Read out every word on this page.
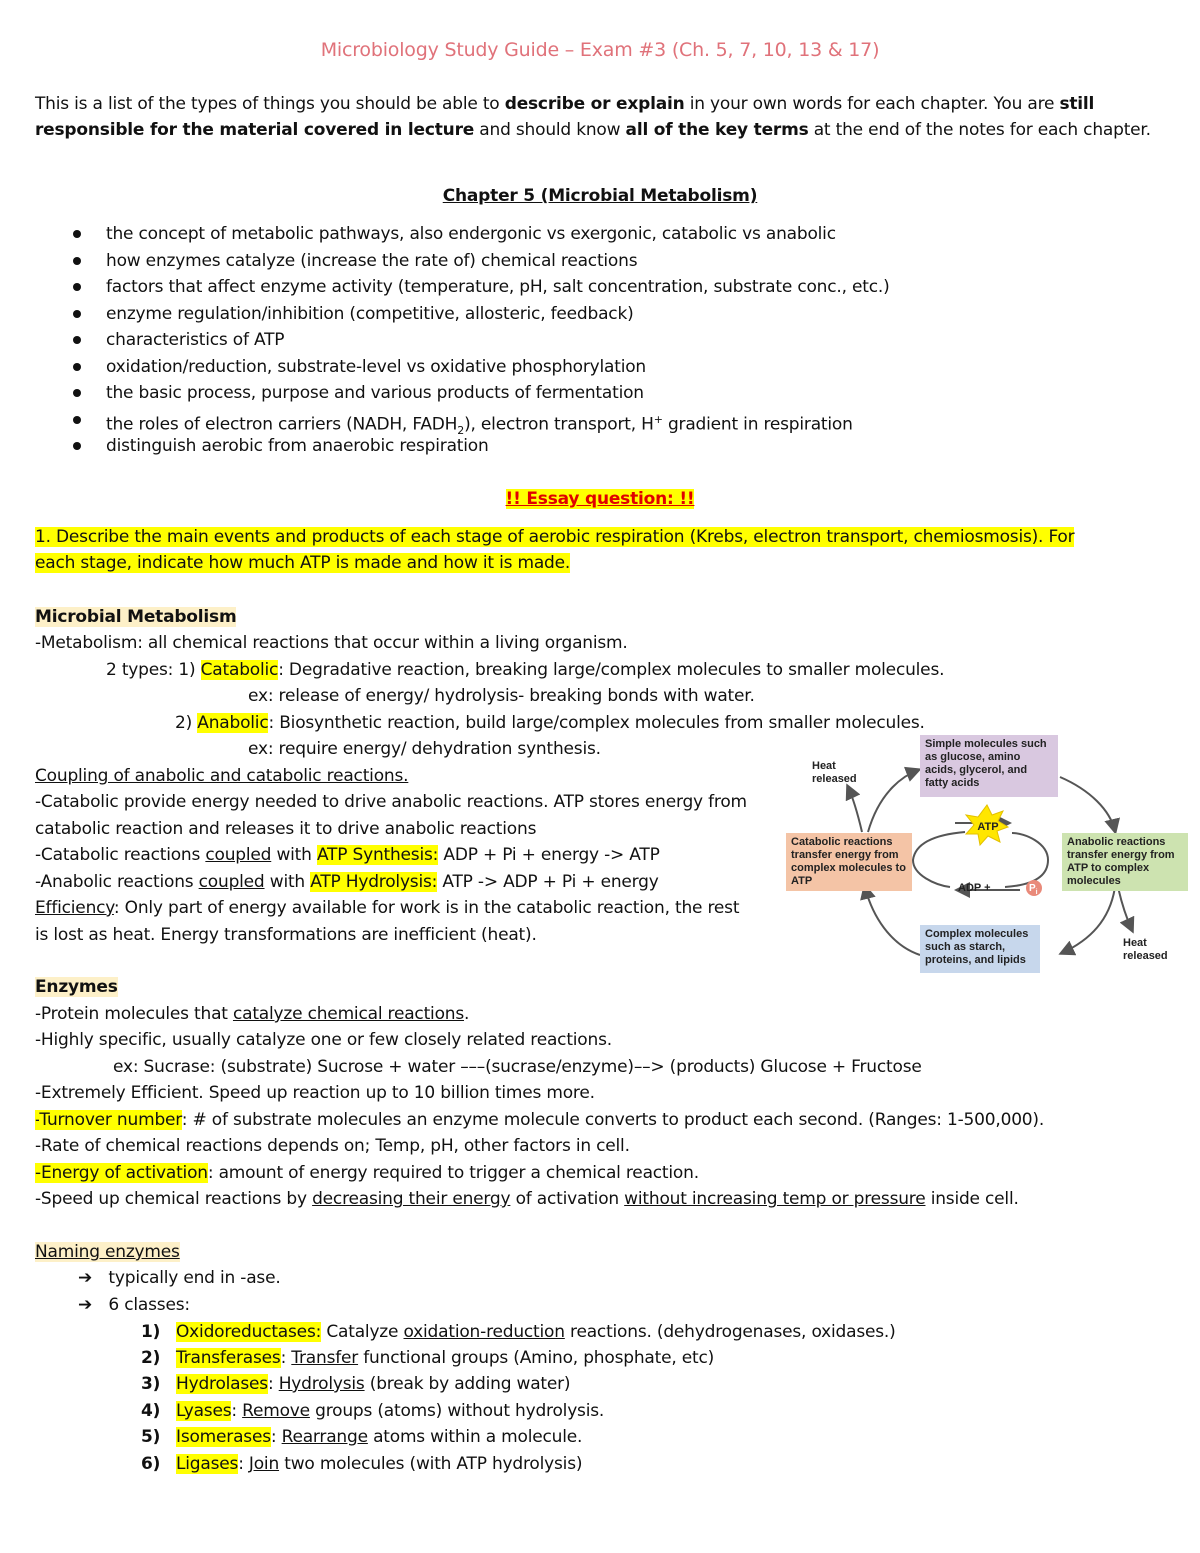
Microbiology Study Guide – Exam #3 (Ch. 5, 7, 10, 13 & 17)
This is a list of the types of things you should be able to describe or explain in your own words for each chapter. You are still
responsible for the material covered in lecture and should know all of the key terms at the end of the notes for each chapter.
Chapter 5 (Microbial Metabolism)
the concept of metabolic pathways, also endergonic vs exergonic, catabolic vs anabolic
how enzymes catalyze (increase the rate of) chemical reactions
factors that affect enzyme activity (temperature, pH, salt concentration, substrate conc., etc.)
enzyme regulation/inhibition (competitive, allosteric, feedback)
characteristics of ATP
oxidation/reduction, substrate-level vs oxidative phosphorylation
the basic process, purpose and various products of fermentation
the roles of electron carriers (NADH, $FADH_2$), electron transport, H+ gradient in respiration
distinguish aerobic from anaerobic respiration
!! Essay question: !!
1. Describe the main events and products of each stage of aerobic respiration (Krebs, electron transport, chemiosmosis). For
each stage, indicate how much ATP is made and how it is made.
Microbial Metabolism
-Metabolism: all chemical reactions that occur within a living organism.
2 types: 1) Catabolic: Degradative reaction, breaking large/complex molecules to smaller molecules.
ex: release of energy/ hydrolysis- breaking bonds with water.
2) Anabolic: Biosynthetic reaction, build large/complex molecules from smaller molecules.
ex: require energy/ dehydration synthesis.
Coupling of anabolic and catabolic reactions.
-Catabolic provide energy needed to drive anabolic reactions. ATP stores energy from
catabolic reaction and releases it to drive anabolic reactions
-Catabolic reactions coupled with ATP Synthesis: ADP + Pi + energy -> ATP
-Anabolic reactions coupled with ATP Hydrolysis: ATP -> ADP + Pi + energy
Efficiency: Only part of energy available for work is in the catabolic reaction, the rest
is lost as heat. Energy transformations are inefficient (heat).
Simple molecules such as glucose, amino acids, glycerol, and fatty acids
Heat released
Catabolic reactions transfer energy from complex molecules to ATP
ATP
Anabolic reactions transfer energy from ATP to complex molecules
ADP +	$P_i$
Complex molecules such as starch, proteins, and lipids
Heat released
Enzymes
-Protein molecules that catalyze chemical reactions.
-Highly specific, usually catalyze one or few closely related reactions.
ex: Sucrase: (substrate) Sucrose + water –––(sucrase/enzyme)––> (products) Glucose + Fructose
-Extremely Efficient. Speed up reaction up to 10 billion times more.
-Turnover number: # of substrate molecules an enzyme molecule converts to product each second. (Ranges: 1-500,000).
-Rate of chemical reactions depends on; Temp, pH, other factors in cell.
-Energy of activation: amount of energy required to trigger a chemical reaction.
-Speed up chemical reactions by decreasing their energy of activation without increasing temp or pressure inside cell.
Naming enzymes
➔ typically end in -ase.
➔ 6 classes:
1) Oxidoreductases: Catalyze oxidation-reduction reactions. (dehydrogenases, oxidases.)
2) Transferases: Transfer functional groups (Amino, phosphate, etc)
3) Hydrolases: Hydrolysis (break by adding water)
4) Lyases: Remove groups (atoms) without hydrolysis.
5) Isomerases: Rearrange atoms within a molecule.
6) Ligases: Join two molecules (with ATP hydrolysis)
